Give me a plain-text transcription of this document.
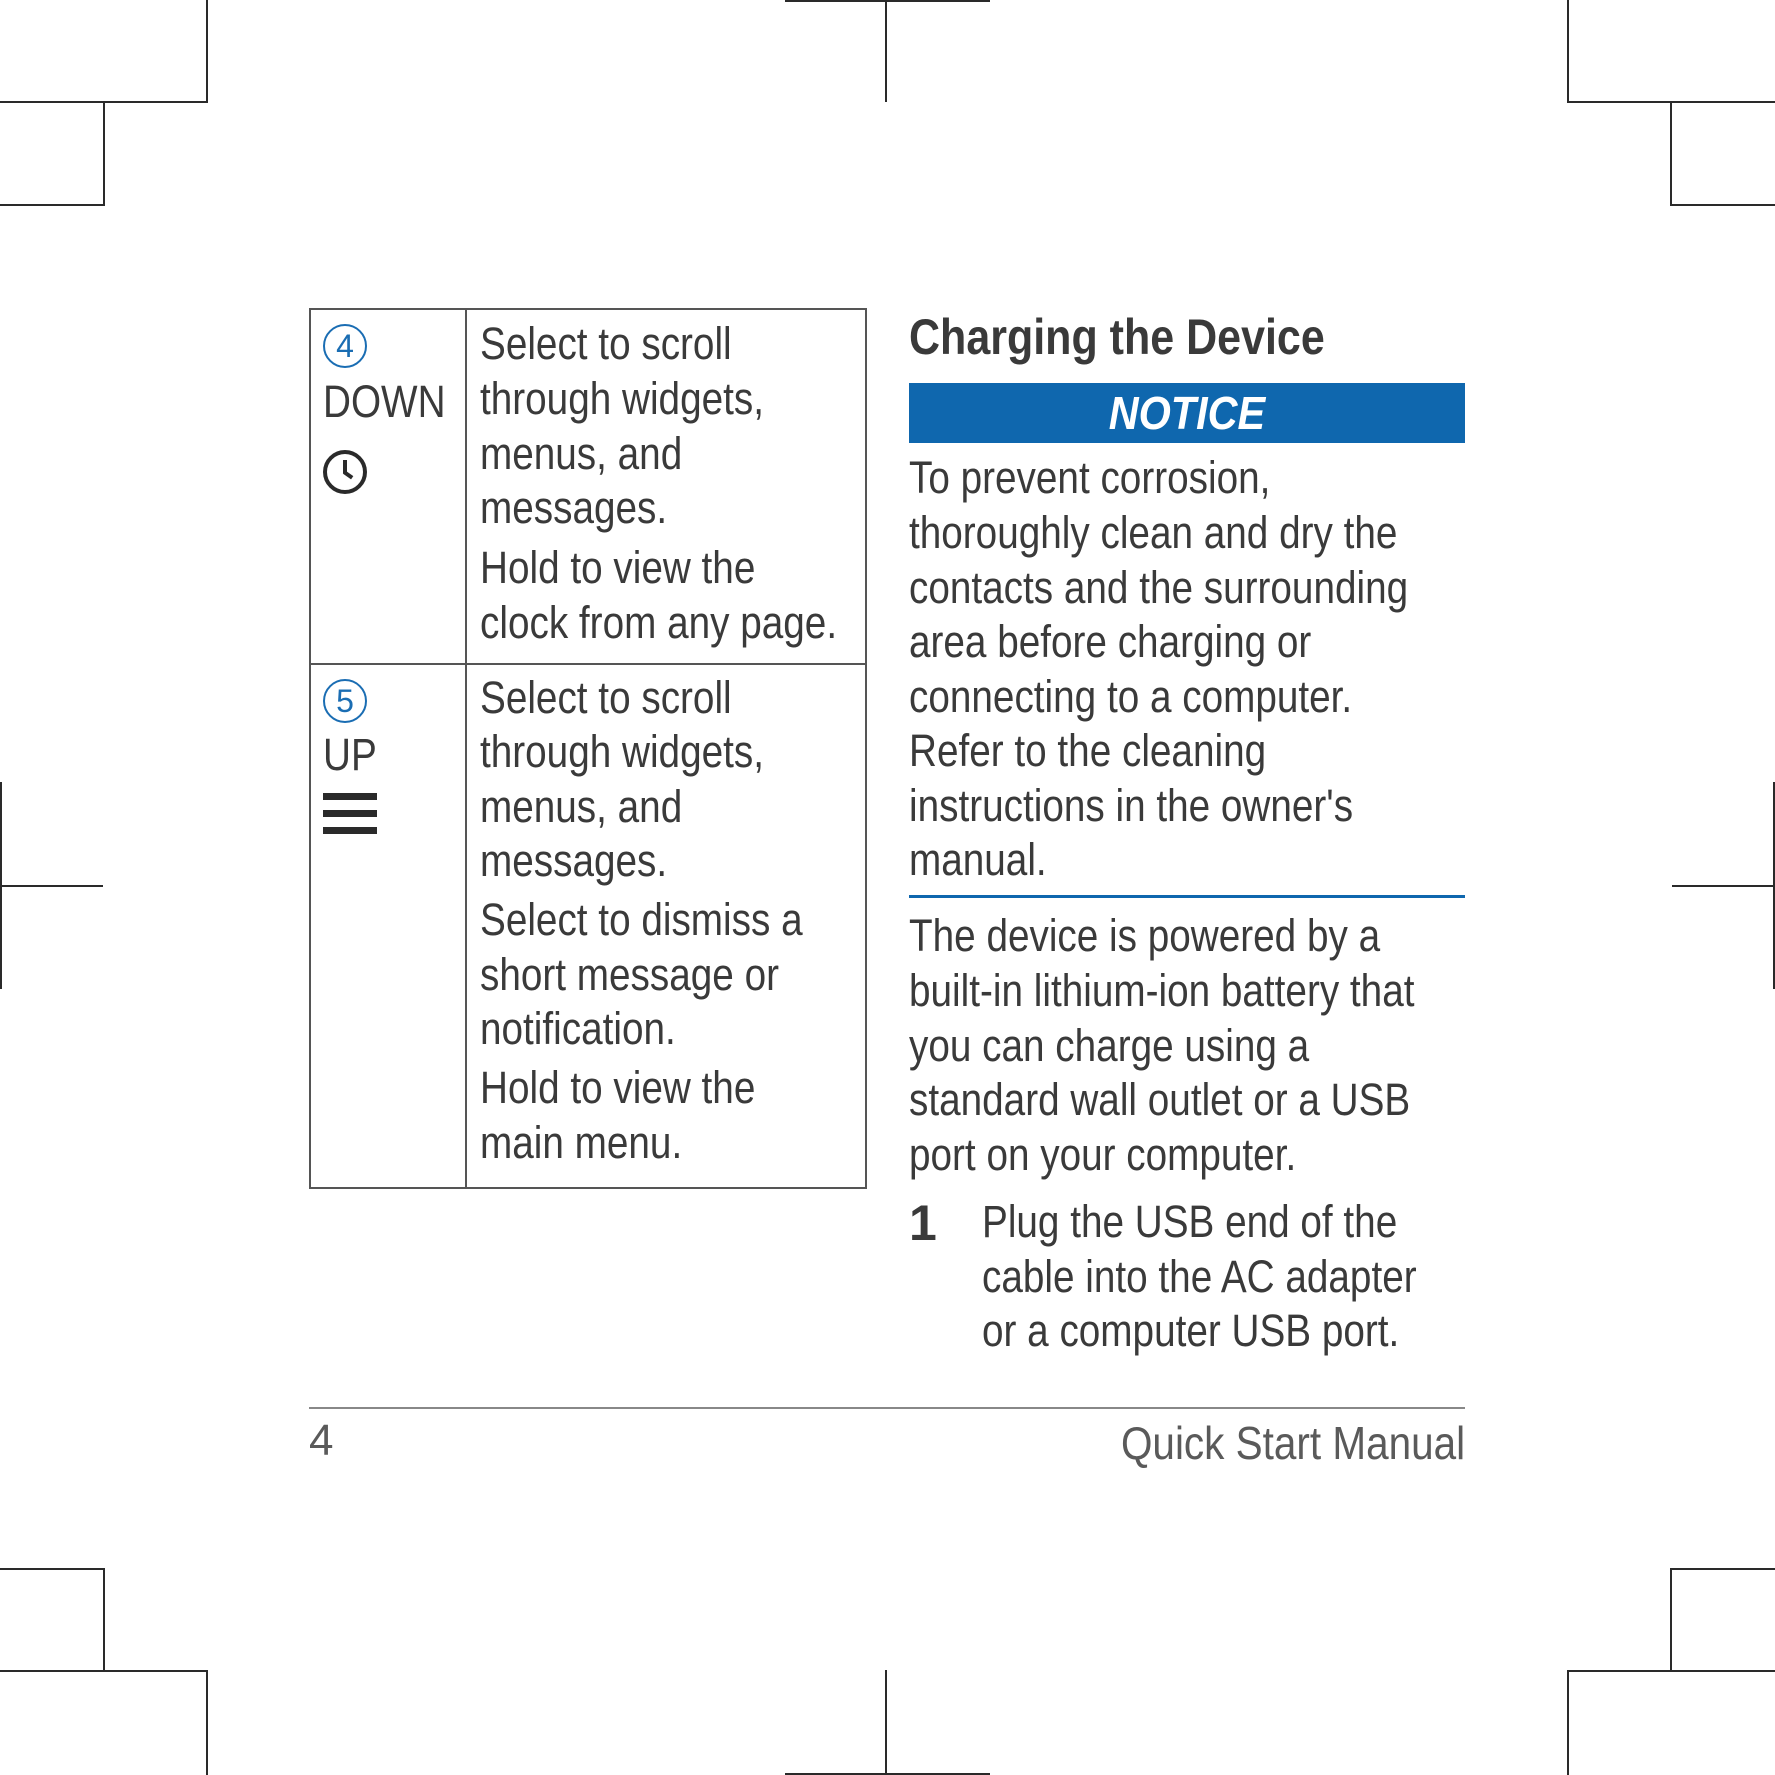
4
DOWN
Select to scroll
through widgets,
menus, and
messages.
Hold to view the
clock from any page.
5
UP
Select to scroll
through widgets,
menus, and
messages.
Select to dismiss a
short message or
notification.
Hold to view the
main menu.
Charging the Device
NOTICE
To prevent corrosion,
thoroughly clean and dry the
contacts and the surrounding
area before charging or
connecting to a computer.
Refer to the cleaning
instructions in the owner's
manual.
The device is powered by a
built-in lithium-ion battery that
you can charge using a
standard wall outlet or a USB
port on your computer.
1 Plug the USB end of the
cable into the AC adapter
or a computer USB port.
4	Quick Start Manual
